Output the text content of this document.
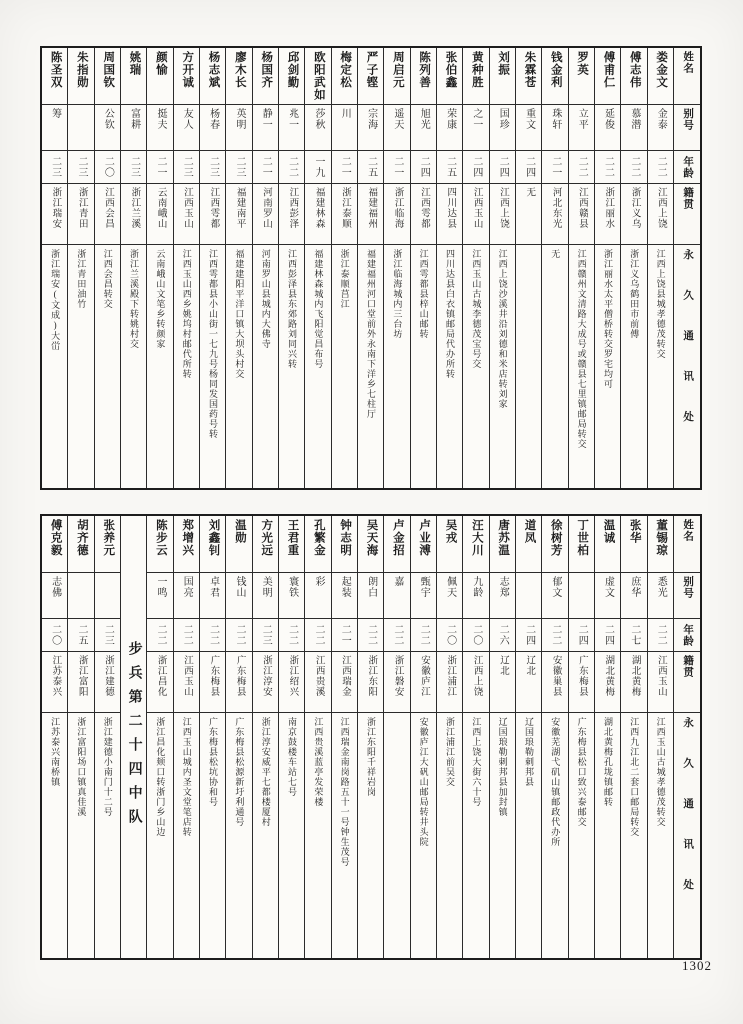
陈圣双
筹
二三
浙江瑞安
浙江瑞安(文成)大峃
朱指勋
二三
浙江青田
浙江青田油竹
周国钦
公钦
二〇
江西会昌
江西会昌转交
姚瑞
富耕
二三
浙江兰溪
浙江兰溪殿下转姚村交
颜愉
挺夫
二一
云南峨山
云南峨山文笔乡转颜家
方开诚
友人
二三
江西玉山
江西玉山西乡姚坞村邮代所转
杨志斌
杨春
二三
江西雩都
江西雩都县小山街一七九号杨同发国药号转
廖木长
英明
二三
福建南平
福建建阳平洋口镇大坝头村交
杨国齐
静一
二一
河南罗山
河南罗山县城内大佛寺
邱剑勤
兆一
二二
江西彭泽
江西彭泽县东郊路刘同兴转
欧阳武如
莎秋
一九
福建林森
福建林森城内飞阳觉昌布号
梅定松
川
二一
浙江泰顺
浙江泰顺莒江
严子铿
宗海
二五
福建福州
福建福州河口堂前外永南下洋乡七柱厅
周启元
遥天
二一
浙江临海
浙江临海城内三台坊
陈列善
旭光
二四
江西雩都
江西雩都县梓山邮转
张伯鑫
荣康
二五
四川达县
四川达县白衣镇邮局代办所转
黄种胜
之一
二四
江西玉山
江西玉山古城李德茂宝号交
刘振
国珍
二四
江西上饶
江西上饶沙溪井沿刘德和米店转刘家
朱霖苍
重文
二四
无
钱金利
珠轩
二一
河北东光
无
罗英
立平
二二
江西赣县
江西赣州文清路大成号或赣县七里镇邮局转交
傅甫仁
延俊
二二
浙江丽水
浙江丽水太平僧桥转交罗宅均可
傅志伟
慕潜
二二
浙江义乌
浙江义乌鹤田市前傅
娄金文
金泰
二二
江西上饶
江西上饶县城孝德茂转交
姓名
别号
年龄
籍贯
永久通讯处
傅克毅
志佛
二〇
江苏泰兴
江苏泰兴南桥镇
胡齐德
二五
浙江富阳
浙江富阳场口镇真佳溪
张养元
二三
浙江建德
浙江建德小南门十二号 步兵第二十四中队
陈步云
一鸣
二二
浙江昌化
浙江昌化颊口转浙门乡山边
郑增兴
国亮
二二
江西玉山
江西玉山城内圣文堂笔店转
刘鑫钊
卓君
二二
广东梅县
广东梅县松坑协和号
温勋
钱山
二二
广东梅县
广东梅县松源新圩利通号
方光远
美明
二三
浙江淳安
浙江淳安威平七都楼厦村
王君重
寰铁
二二
浙江绍兴
南京鼓楼车站七号
孔繁金
彩
二二
江西贵溪
江西贵溪蓝亭发荣楼
钟志明
起装
二一
江西瑞金
江西瑞金南岗路五十一号钟生茂号
吴天海
朗白
二二
浙江东阳
浙江东阳千祥岩岗
卢金招
嘉
二二
浙江磐安
卢业溥
甄宇
二二
安徽庐江
安徽庐江大矾山邮局转井头院
吴戎
佩天
二〇
浙江浦江
浙江浦江前吴交
汪大川
九龄
二〇
江西上饶
江西上饶大街六十号
唐苏温
志郑
二六
辽北
辽国琅勒刺邦县加封镇
道凤
二四
辽北
辽国琅勒刺邦县
徐树芳
郁文
二二
安徽巢县
安徽芜湖弋矶山镇邮政代办所
丁世柏
二四
广东梅县
广东梅县松口致兴泰邮交
温诚
虚文
二四
湖北黄梅
湖北黄梅孔垅镇邮转
张华
庶华
二七
湖北黄梅
江西九江北二套口邮局转交
董锡琼
悉光
二二
江西玉山
江西玉山古城孝德茂转交
姓名
别号
年龄
籍贯
永久通讯处
1302
